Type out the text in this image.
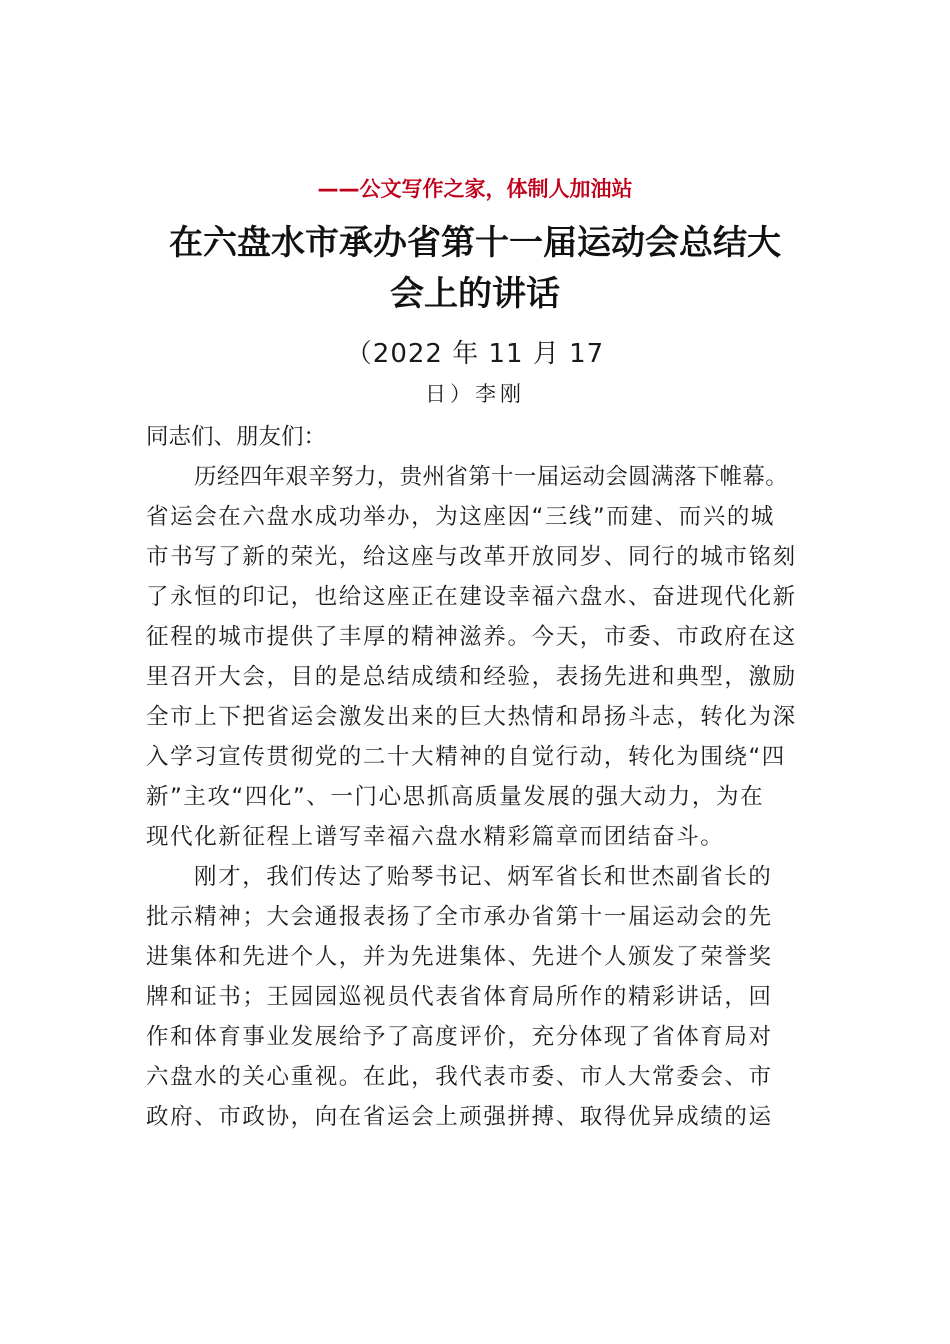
——公文写作之家，体制人加油站
在六盘水市承办省第十一届运动会总结大
会上的讲话
（2022 年 11 月 17
日）李刚
同志们、朋友们：
历经四年艰辛努力，贵州省第十一届运动会圆满落下帷幕。
省运会在六盘水成功举办，为这座因“三线”而建、而兴的城
市书写了新的荣光，给这座与改革开放同岁、同行的城市铭刻
了永恒的印记，也给这座正在建设幸福六盘水、奋进现代化新
征程的城市提供了丰厚的精神滋养。今天，市委、市政府在这
里召开大会，目的是总结成绩和经验，表扬先进和典型，激励
全市上下把省运会激发出来的巨大热情和昂扬斗志，转化为深
入学习宣传贯彻党的二十大精神的自觉行动，转化为围绕“四
新”主攻“四化”、一门心思抓高质量发展的强大动力，为在
现代化新征程上谱写幸福六盘水精彩篇章而团结奋斗。
刚才，我们传达了贻琴书记、炳军省长和世杰副省长的
批示精神；大会通报表扬了全市承办省第十一届运动会的先
进集体和先进个人，并为先进集体、先进个人颁发了荣誉奖
牌和证书；王园园巡视员代表省体育局所作的精彩讲话，回
作和体育事业发展给予了高度评价，充分体现了省体育局对
六盘水的关心重视。在此，我代表市委、市人大常委会、市
政府、市政协，向在省运会上顽强拼搏、取得优异成绩的运
